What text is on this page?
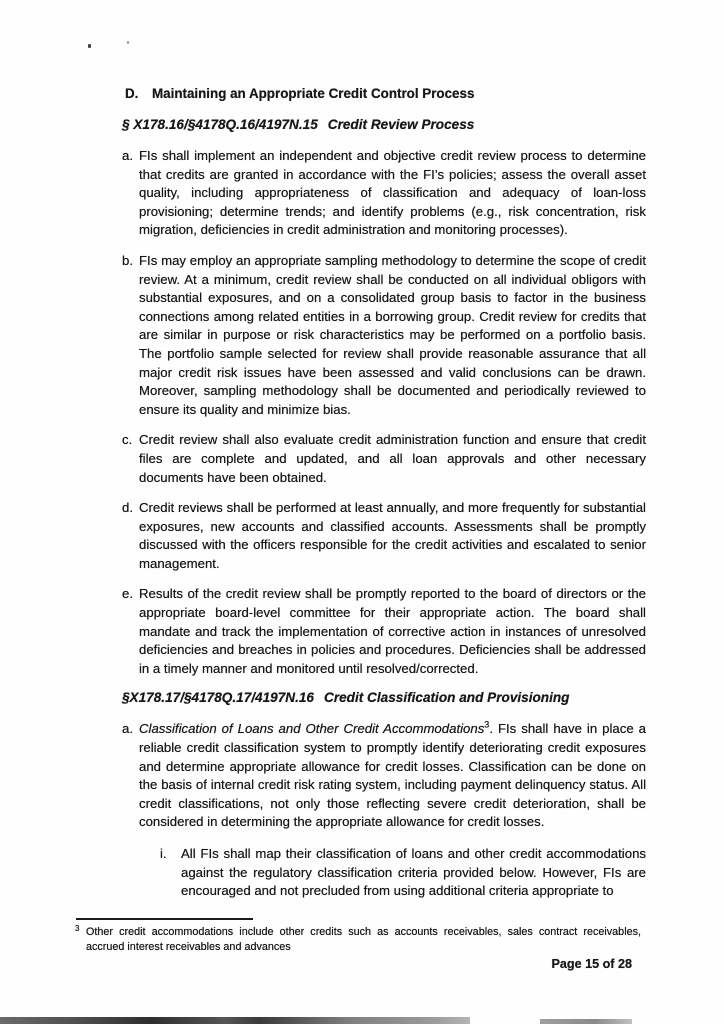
D.	Maintaining an Appropriate Credit Control Process
§ X178.16/§4178Q.16/4197N.15 Credit Review Process
a. FIs shall implement an independent and objective credit review process to determine that credits are granted in accordance with the FI’s policies; assess the overall asset quality, including appropriateness of classification and adequacy of loan-loss provisioning; determine trends; and identify problems (e.g., risk concentration, risk migration, deficiencies in credit administration and monitoring processes).
b. FIs may employ an appropriate sampling methodology to determine the scope of credit review. At a minimum, credit review shall be conducted on all individual obligors with substantial exposures, and on a consolidated group basis to factor in the business connections among related entities in a borrowing group. Credit review for credits that are similar in purpose or risk characteristics may be performed on a portfolio basis. The portfolio sample selected for review shall provide reasonable assurance that all major credit risk issues have been assessed and valid conclusions can be drawn. Moreover, sampling methodology shall be documented and periodically reviewed to ensure its quality and minimize bias.
c. Credit review shall also evaluate credit administration function and ensure that credit files are complete and updated, and all loan approvals and other necessary documents have been obtained.
d. Credit reviews shall be performed at least annually, and more frequently for substantial exposures, new accounts and classified accounts. Assessments shall be promptly discussed with the officers responsible for the credit activities and escalated to senior management.
e. Results of the credit review shall be promptly reported to the board of directors or the appropriate board-level committee for their appropriate action. The board shall mandate and track the implementation of corrective action in instances of unresolved deficiencies and breaches in policies and procedures. Deficiencies shall be addressed in a timely manner and monitored until resolved/corrected.
§X178.17/§4178Q.17/4197N.16 Credit Classification and Provisioning
a. Classification of Loans and Other Credit Accommodations$^3$. FIs shall have in place a reliable credit classification system to promptly identify deteriorating credit exposures and determine appropriate allowance for credit losses. Classification can be done on the basis of internal credit risk rating system, including payment delinquency status. All credit classifications, not only those reflecting severe credit deterioration, shall be considered in determining the appropriate allowance for credit losses.
i.	All FIs shall map their classification of loans and other credit accommodations against the regulatory classification criteria provided below. However, FIs are encouraged and not precluded from using additional criteria appropriate to
3 Other credit accommodations include other credits such as accounts receivables, sales contract receivables, accrued interest receivables and advances
Page 15 of 28
